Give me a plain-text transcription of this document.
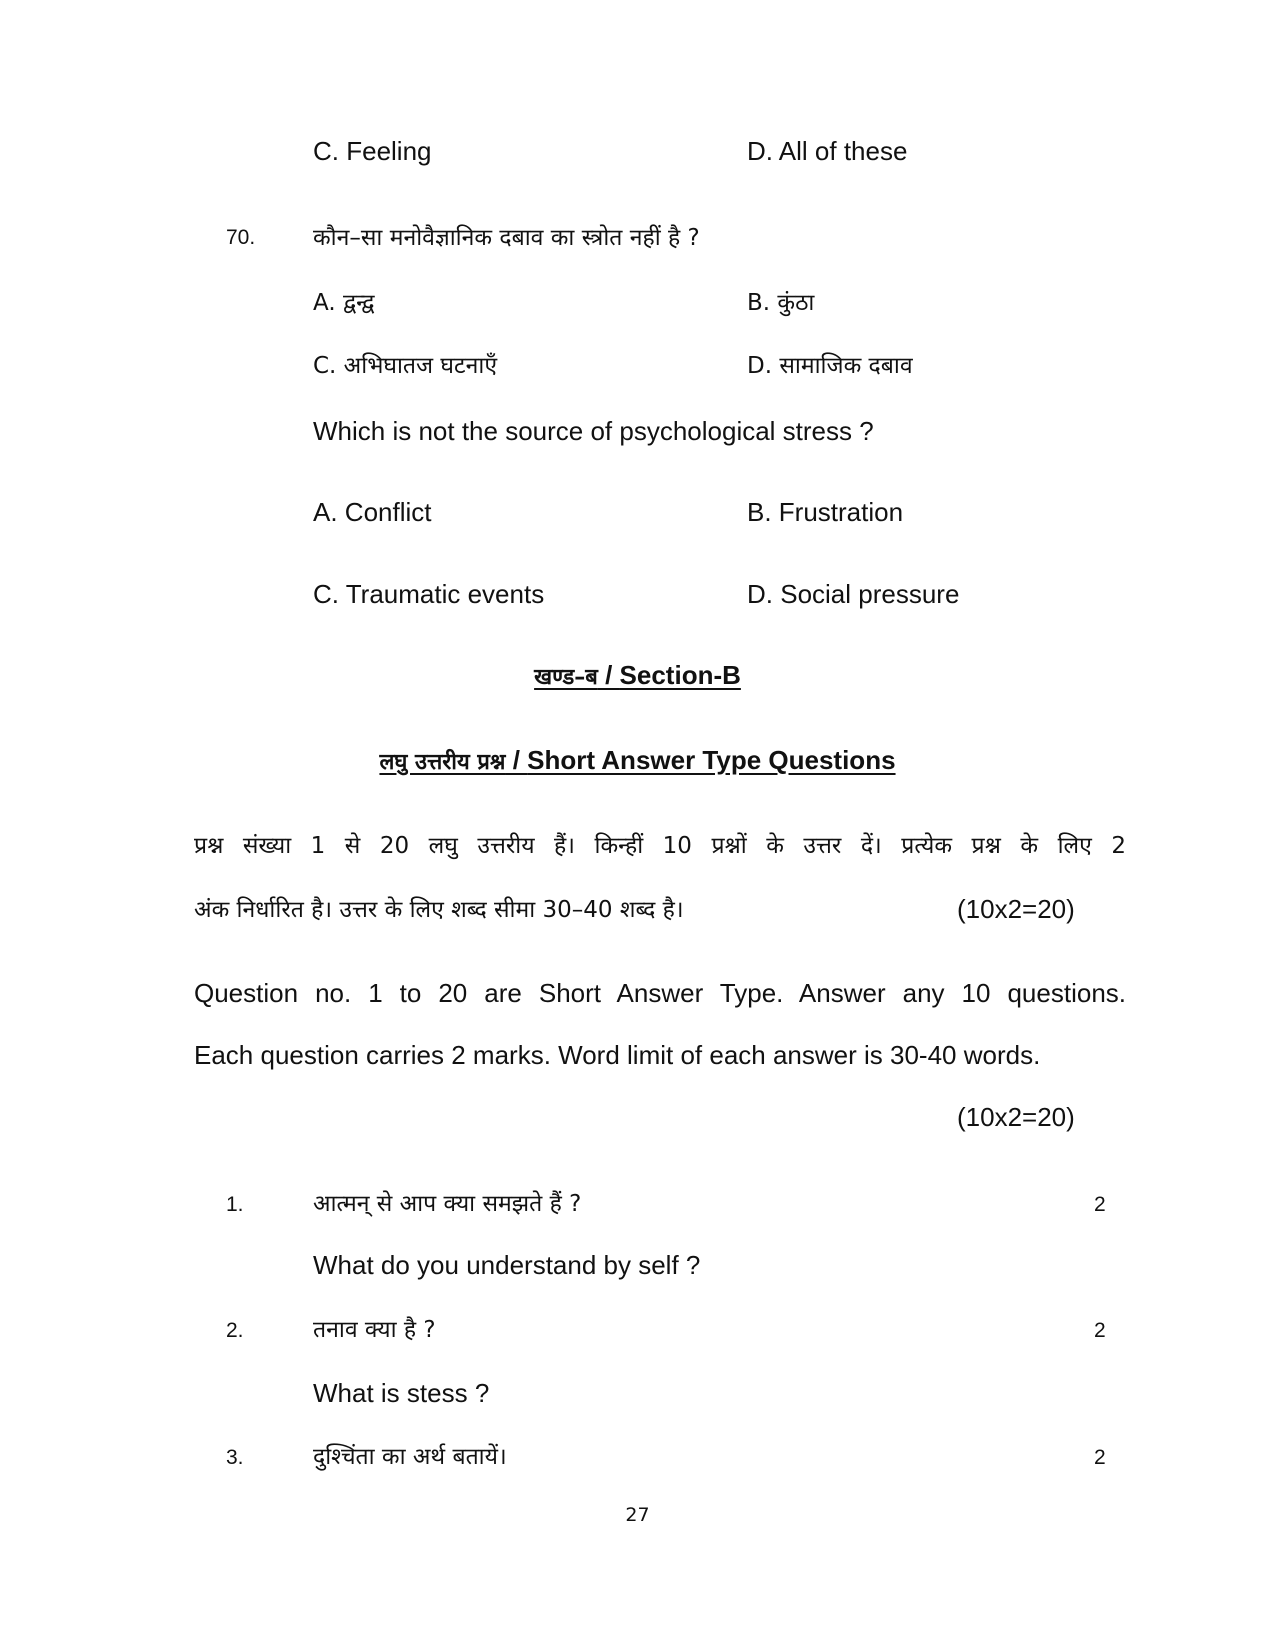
C. Feeling	D. All of these
70.	कौन–सा मनोवैज्ञानिक दबाव का स्त्रोत नहीं है ?
A. द्वन्द्व	B. कुंठा
C. अभिघातज घटनाएँ	D. सामाजिक दबाव
Which is not the source of psychological stress ?
A. Conflict	B. Frustration
C. Traumatic events	D. Social pressure
खण्ड–ब / Section-B
लघु उत्तरीय प्रश्न / Short Answer Type Questions
प्रश्न संख्या 1 से 20 लघु उत्तरीय हैं। किन्हीं 10 प्रश्नों के उत्तर दें। प्रत्येक प्रश्न के लिए 2
अंक निर्धारित है। उत्तर के लिए शब्द सीमा 30–40 शब्द है।	(10x2=20)
Question no. 1 to 20 are Short Answer Type. Answer any 10 questions.
Each question carries 2 marks. Word limit of each answer is 30-40 words.
(10x2=20)
1.	आत्मन् से आप क्या समझते हैं ?	2
What do you understand by self ?
2.	तनाव क्या है ?	2
What is stess ?
3.	दुश्चिंता का अर्थ बतायें।	2
27
